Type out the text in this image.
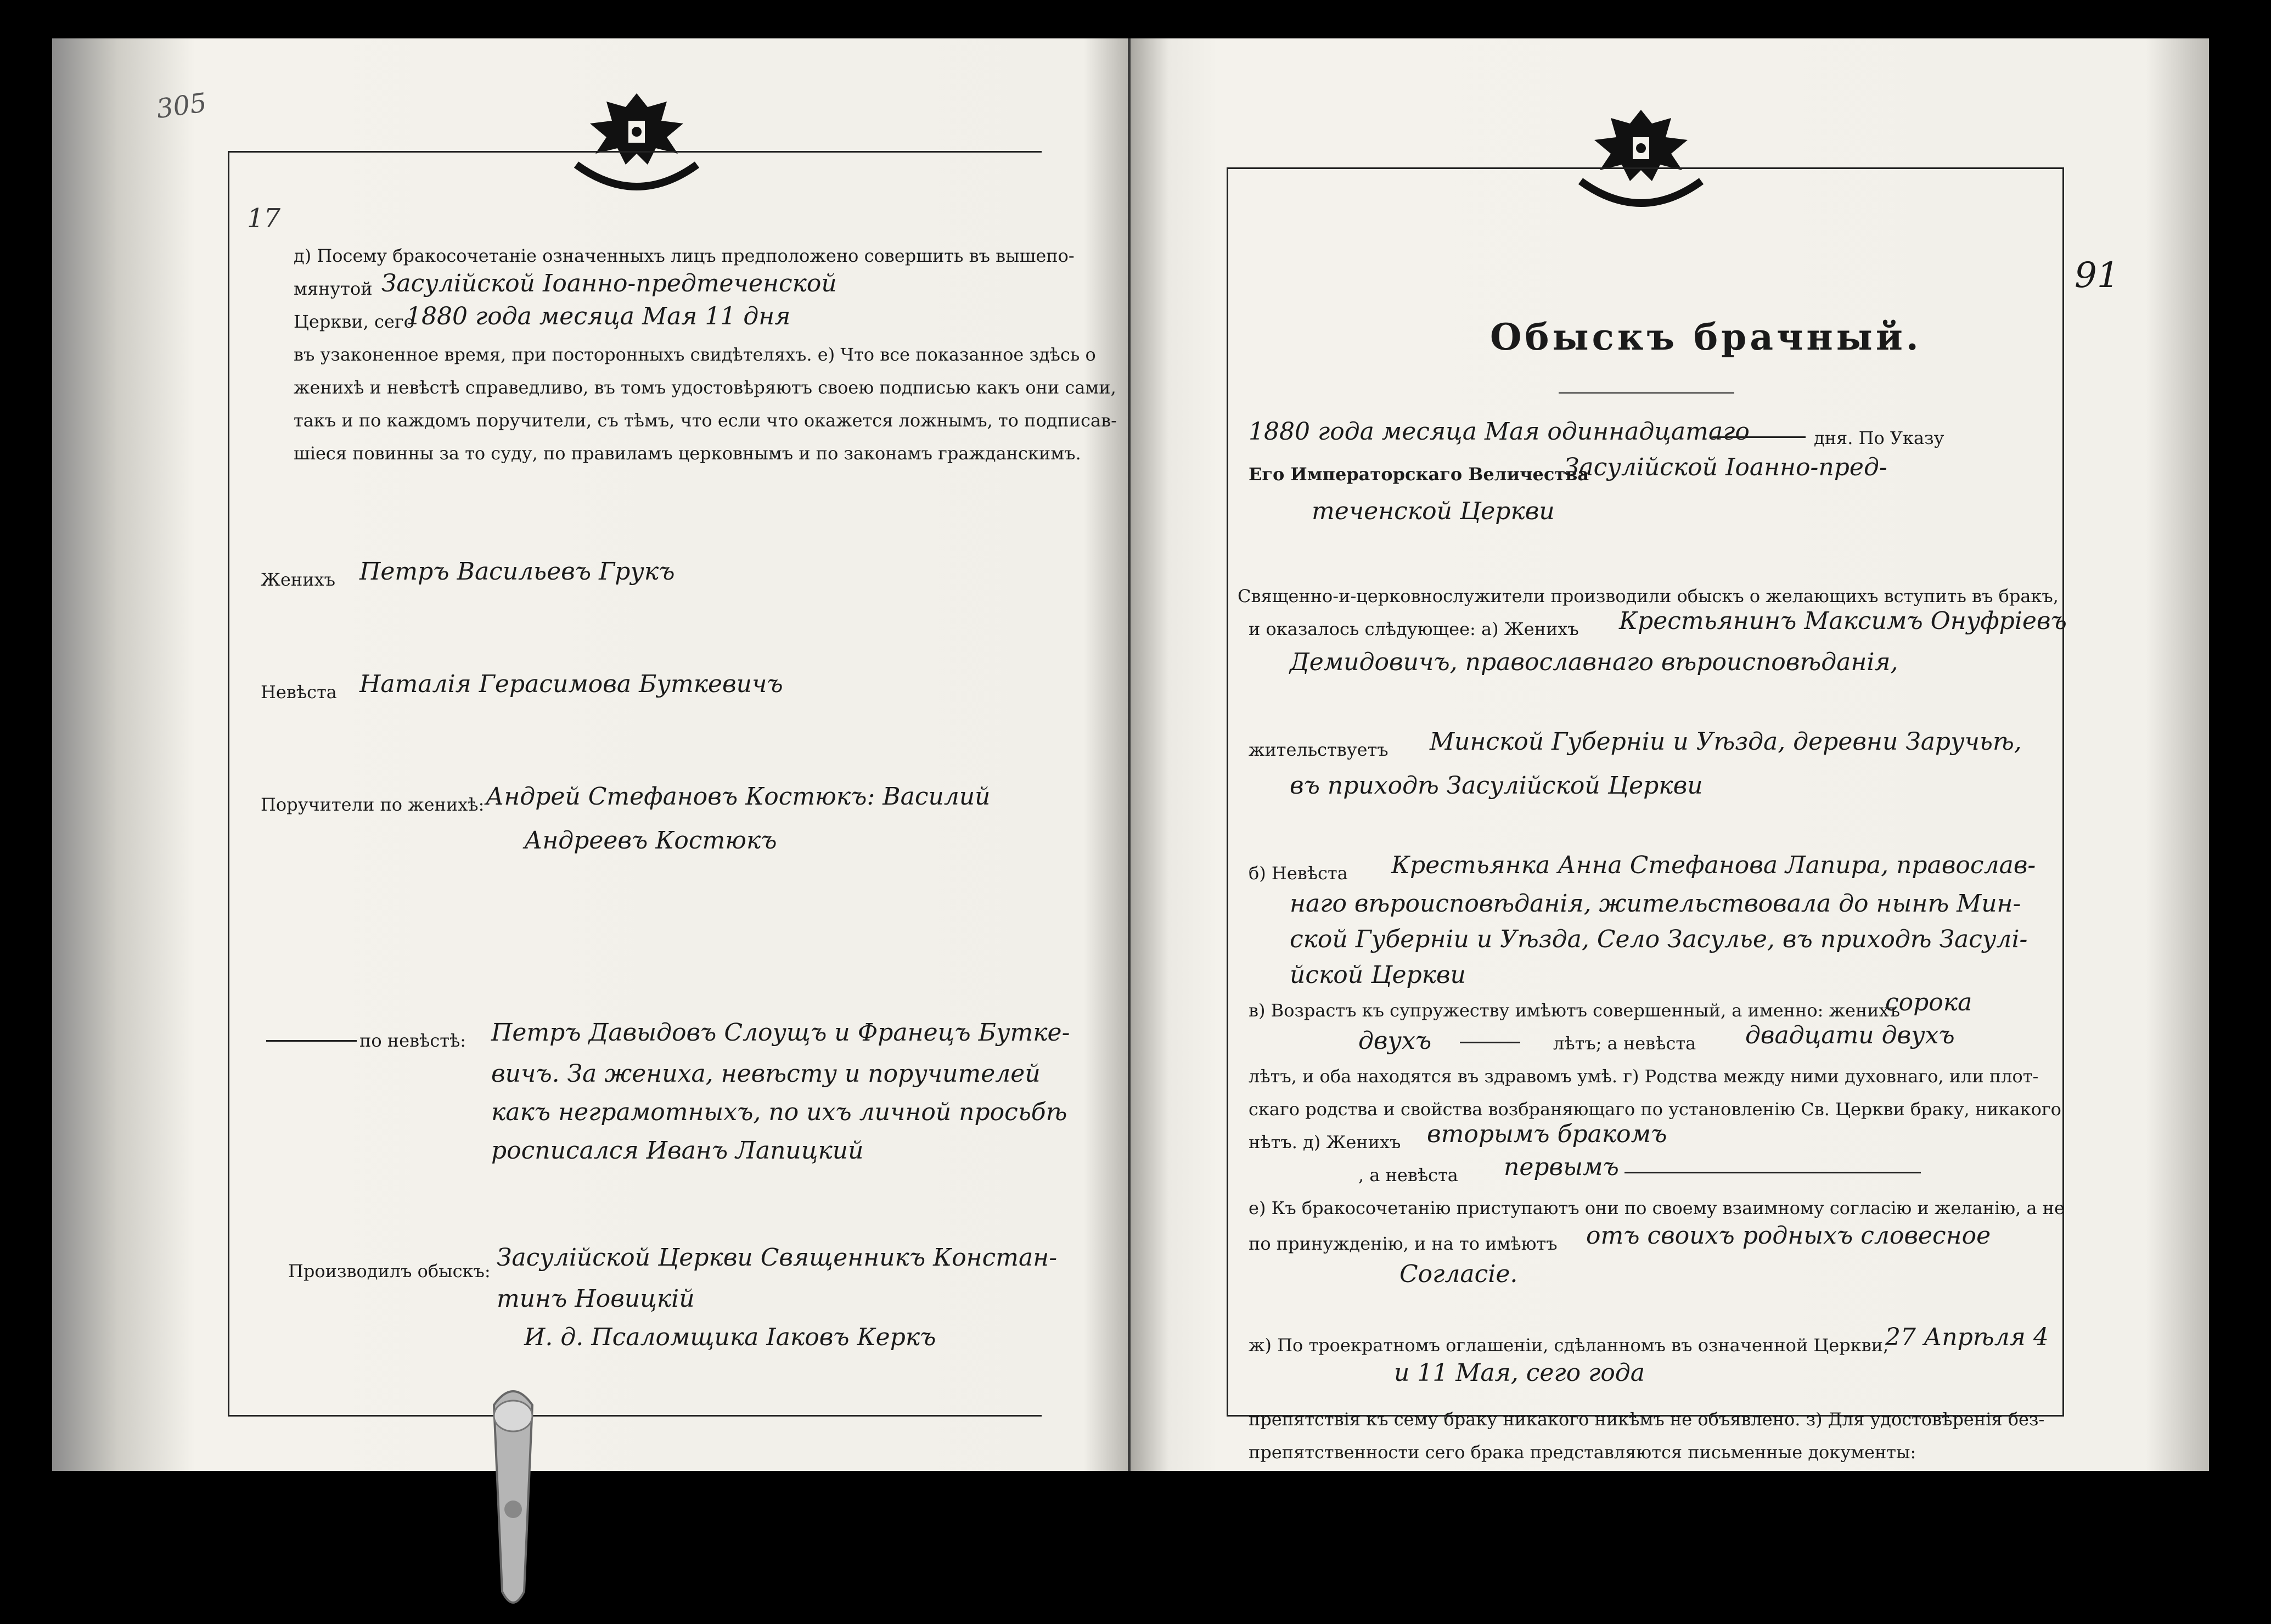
305
17
д) Посему бракосочетанiе означенныхъ лицъ предположено совершить въ вышепо-
мянутой Засулiйской Iоанно-предтеченской
Церкви, сего
1880 года месяца Мая 11 дня
въ узаконенное время, при посторонныхъ свидѣтеляхъ. е) Что все показанное здѣсь о
женихѣ и невѣстѣ справедливо, въ томъ удостовѣряютъ своею подписью какъ они сами,
такъ и по каждомъ поручители, съ тѣмъ, что если что окажется ложнымъ, то подписав-
шiеся повинны за то суду, по правиламъ церковнымъ и по законамъ гражданскимъ.
Женихъ Петръ Васильевъ Грукъ
Невѣста Наталiя Герасимова Буткевичъ
Поручители по женихѣ: Андрей Стефановъ Костюкъ: Василий
Андреевъ Костюкъ
по невѣстѣ: Петръ Давыдовъ Слоущъ и Франецъ Бутке-
вичъ. За жениха, невѣсту и поручителей
какъ неграмотныхъ, по ихъ личной просьбѣ
росписался Иванъ Лапицкий
Производилъ обыскъ: Засулiйской Церкви Священникъ Констан-
тинъ Новицкiй
И. д. Псаломщика Iаковъ Керкъ
91
Обыскъ брачный.
1880 года месяца Мая одиннадцатаго	дня. По Указу
Его Императорскаго Величества
Засулiйской Iоанно-пред-
теченской Церкви
Священно-и-церковнослужители производили обыскъ о желающихъ вступить въ бракъ,
и оказалось слѣдующее: а) Женихъ Крестьянинъ Максимъ Онуфрiевъ
Демидовичъ, православнаго вѣроисповѣданiя,
жительствуетъ Минской Губернiи и Уѣзда, деревни Заручьѣ,
въ приходѣ Засулiйской Церкви
б) Невѣста Крестьянка Анна Стефанова Лапира, православ-
наго вѣроисповѣданiя, жительствовала до нынѣ Мин-
ской Губернiи и Уѣзда, Село Засулье, въ приходѣ Засулi-
йской Церкви
в) Возрастъ къ супружеству имѣютъ совершенный, а именно: женихъ
сорока
двухъ	лѣтъ; а невѣста двадцати двухъ
лѣтъ, и оба находятся въ здравомъ умѣ. г) Родства между ними духовнаго, или плот-
скаго родства и свойства возбраняющаго по установленiю Св. Церкви браку, никакого
нѣтъ. д) Женихъ вторымъ бракомъ
, а невѣста первымъ
е) Къ бракосочетанiю приступаютъ они по своему взаимному согласiю и желанiю, а не
по принужденiю, и на то имѣютъ отъ своихъ родныхъ словесное
Согласiе.
ж) По троекратномъ оглашенiи, сдѣланномъ въ означенной Церкви,
27 Апрѣля 4
и 11 Мая, сего года
препятствiя къ сему браку никакого никѣмъ не объявлено. з) Для удостовѣренiя без-
препятственности сего брака представляются письменные документы:
